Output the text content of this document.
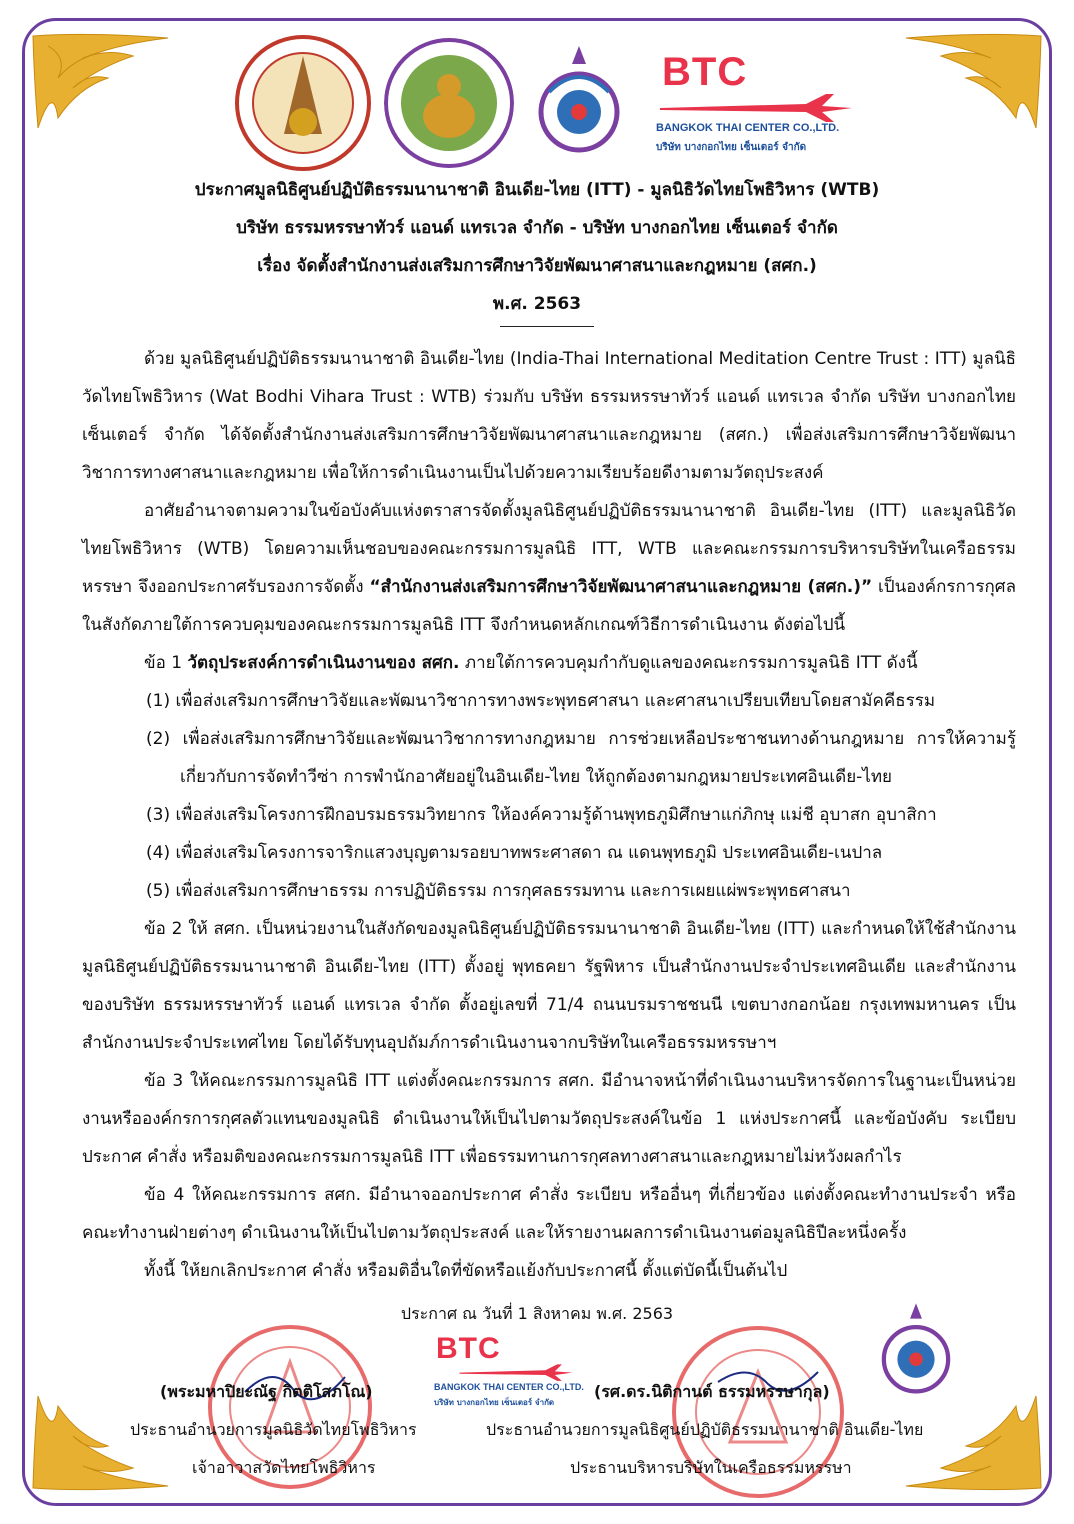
BTC
BANGKOK THAI CENTER CO.,LTD.
บริษัท บางกอกไทย เซ็นเตอร์ จำกัด
ประกาศมูลนิธิศูนย์ปฏิบัติธรรมนานาชาติ อินเดีย-ไทย (ITT) - มูลนิธิวัดไทยโพธิวิหาร (WTB)
บริษัท ธรรมหรรษาทัวร์ แอนด์ แทรเวล จำกัด - บริษัท บางกอกไทย เซ็นเตอร์ จำกัด
เรื่อง จัดตั้งสำนักงานส่งเสริมการศึกษาวิจัยพัฒนาศาสนาและกฎหมาย (สศก.)
พ.ศ. 2563
ด้วย มูลนิธิศูนย์ปฏิบัติธรรมนานาชาติ อินเดีย-ไทย (India-Thai International Meditation Centre Trust : ITT) มูลนิธิวัดไทยโพธิวิหาร (Wat Bodhi Vihara Trust : WTB) ร่วมกับ บริษัท ธรรมหรรษาทัวร์ แอนด์ แทรเวล จำกัด บริษัท บางกอกไทย เซ็นเตอร์ จำกัด ได้จัดตั้งสำนักงานส่งเสริมการศึกษาวิจัยพัฒนาศาสนาและกฎหมาย (สศก.) เพื่อส่งเสริมการศึกษาวิจัยพัฒนาวิชาการทางศาสนาและกฎหมาย เพื่อให้การดำเนินงานเป็นไปด้วยความเรียบร้อยดีงามตามวัตถุประสงค์
อาศัยอำนาจตามความในข้อบังคับแห่งตราสารจัดตั้งมูลนิธิศูนย์ปฏิบัติธรรมนานาชาติ อินเดีย-ไทย (ITT) และมูลนิธิวัดไทยโพธิวิหาร (WTB) โดยความเห็นชอบของคณะกรรมการมูลนิธิ ITT, WTB และคณะกรรมการบริหารบริษัทในเครือธรรมหรรษา จึงออกประกาศรับรองการจัดตั้ง “สำนักงานส่งเสริมการศึกษาวิจัยพัฒนาศาสนาและกฎหมาย (สศก.)” เป็นองค์กรการกุศลในสังกัดภายใต้การควบคุมของคณะกรรมการมูลนิธิ ITT จึงกำหนดหลักเกณฑ์วิธีการดำเนินงาน ดังต่อไปนี้
ข้อ 1 วัตถุประสงค์การดำเนินงานของ สศก. ภายใต้การควบคุมกำกับดูแลของคณะกรรมการมูลนิธิ ITT ดังนี้
(1) เพื่อส่งเสริมการศึกษาวิจัยและพัฒนาวิชาการทางพระพุทธศาสนา และศาสนาเปรียบเทียบโดยสามัคคีธรรม
(2) เพื่อส่งเสริมการศึกษาวิจัยและพัฒนาวิชาการทางกฎหมาย การช่วยเหลือประชาชนทางด้านกฎหมาย การให้ความรู้เกี่ยวกับการจัดทำวีซ่า การพำนักอาศัยอยู่ในอินเดีย-ไทย ให้ถูกต้องตามกฎหมายประเทศอินเดีย-ไทย
(3) เพื่อส่งเสริมโครงการฝึกอบรมธรรมวิทยากร ให้องค์ความรู้ด้านพุทธภูมิศึกษาแก่ภิกษุ แม่ชี อุบาสก อุบาสิกา
(4) เพื่อส่งเสริมโครงการจาริกแสวงบุญตามรอยบาทพระศาสดา ณ แดนพุทธภูมิ ประเทศอินเดีย-เนปาล
(5) เพื่อส่งเสริมการศึกษาธรรม การปฏิบัติธรรม การกุศลธรรมทาน และการเผยแผ่พระพุทธศาสนา
ข้อ 2 ให้ สศก. เป็นหน่วยงานในสังกัดของมูลนิธิศูนย์ปฏิบัติธรรมนานาชาติ อินเดีย-ไทย (ITT) และกำหนดให้ใช้สำนักงานมูลนิธิศูนย์ปฏิบัติธรรมนานาชาติ อินเดีย-ไทย (ITT) ตั้งอยู่ พุทธคยา รัฐพิหาร เป็นสำนักงานประจำประเทศอินเดีย และสำนักงานของบริษัท ธรรมหรรษาทัวร์ แอนด์ แทรเวล จำกัด ตั้งอยู่เลขที่ 71/4 ถนนบรมราชชนนี เขตบางกอกน้อย กรุงเทพมหานคร เป็นสำนักงานประจำประเทศไทย โดยได้รับทุนอุปถัมภ์การดำเนินงานจากบริษัทในเครือธรรมหรรษาฯ
ข้อ 3 ให้คณะกรรมการมูลนิธิ ITT แต่งตั้งคณะกรรมการ สศก. มีอำนาจหน้าที่ดำเนินงานบริหารจัดการในฐานะเป็นหน่วยงานหรือองค์กรการกุศลตัวแทนของมูลนิธิ ดำเนินงานให้เป็นไปตามวัตถุประสงค์ในข้อ 1 แห่งประกาศนี้ และข้อบังคับ ระเบียบ ประกาศ คำสั่ง หรือมติของคณะกรรมการมูลนิธิ ITT เพื่อธรรมทานการกุศลทางศาสนาและกฎหมายไม่หวังผลกำไร
ข้อ 4 ให้คณะกรรมการ สศก. มีอำนาจออกประกาศ คำสั่ง ระเบียบ หรืออื่นๆ ที่เกี่ยวข้อง แต่งตั้งคณะทำงานประจำ หรือคณะทำงานฝ่ายต่างๆ ดำเนินงานให้เป็นไปตามวัตถุประสงค์ และให้รายงานผลการดำเนินงานต่อมูลนิธิปีละหนึ่งครั้ง
ทั้งนี้ ให้ยกเลิกประกาศ คำสั่ง หรือมติอื่นใดที่ขัดหรือแย้งกับประกาศนี้ ตั้งแต่บัดนี้เป็นต้นไป
ประกาศ ณ วันที่ 1 สิงหาคม พ.ศ. 2563
BTC
BANGKOK THAI CENTER CO.,LTD.
บริษัท บางกอกไทย เซ็นเตอร์ จำกัด
(พระมหาปิยะณัฐ กิตติโสภโณ)
ประธานอำนวยการมูลนิธิวัดไทยโพธิวิหาร
เจ้าอาวาสวัดไทยโพธิวิหาร
(รศ.ดร.นิติกานต์ ธรรมหรรษากุล)
ประธานอำนวยการมูลนิธิศูนย์ปฏิบัติธรรมนานาชาติ อินเดีย-ไทย
ประธานบริหารบริษัทในเครือธรรมหรรษา
